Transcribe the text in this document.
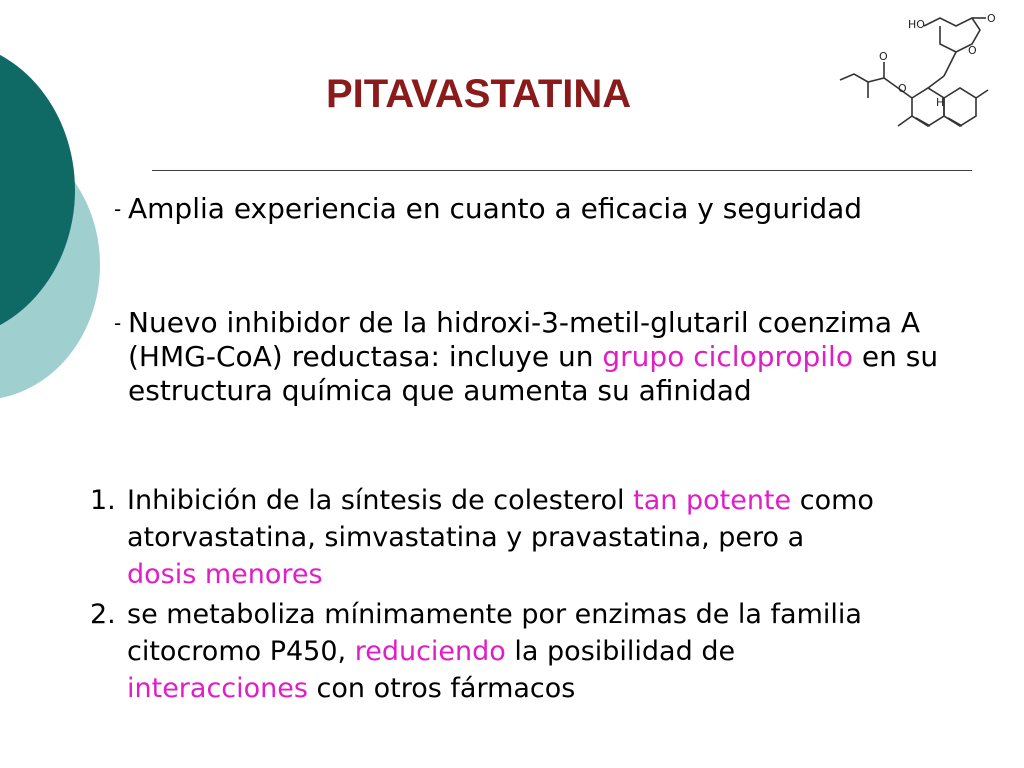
PITAVASTATINA
HO
O
O
O
O
H
- Amplia experiencia en cuanto a eficacia y seguridad
- Nuevo inhibidor de la hidroxi-3-metil-glutaril coenzima A (HMG-CoA) reductasa: incluye un grupo ciclopropilo en su estructura química que aumenta su afinidad
1. Inhibición de la síntesis de colesterol tan potente como
atorvastatina, simvastatina y pravastatina, pero a
dosis menores
2. se metaboliza mínimamente por enzimas de la familia
citocromo P450, reduciendo la posibilidad de
interacciones con otros fármacos
